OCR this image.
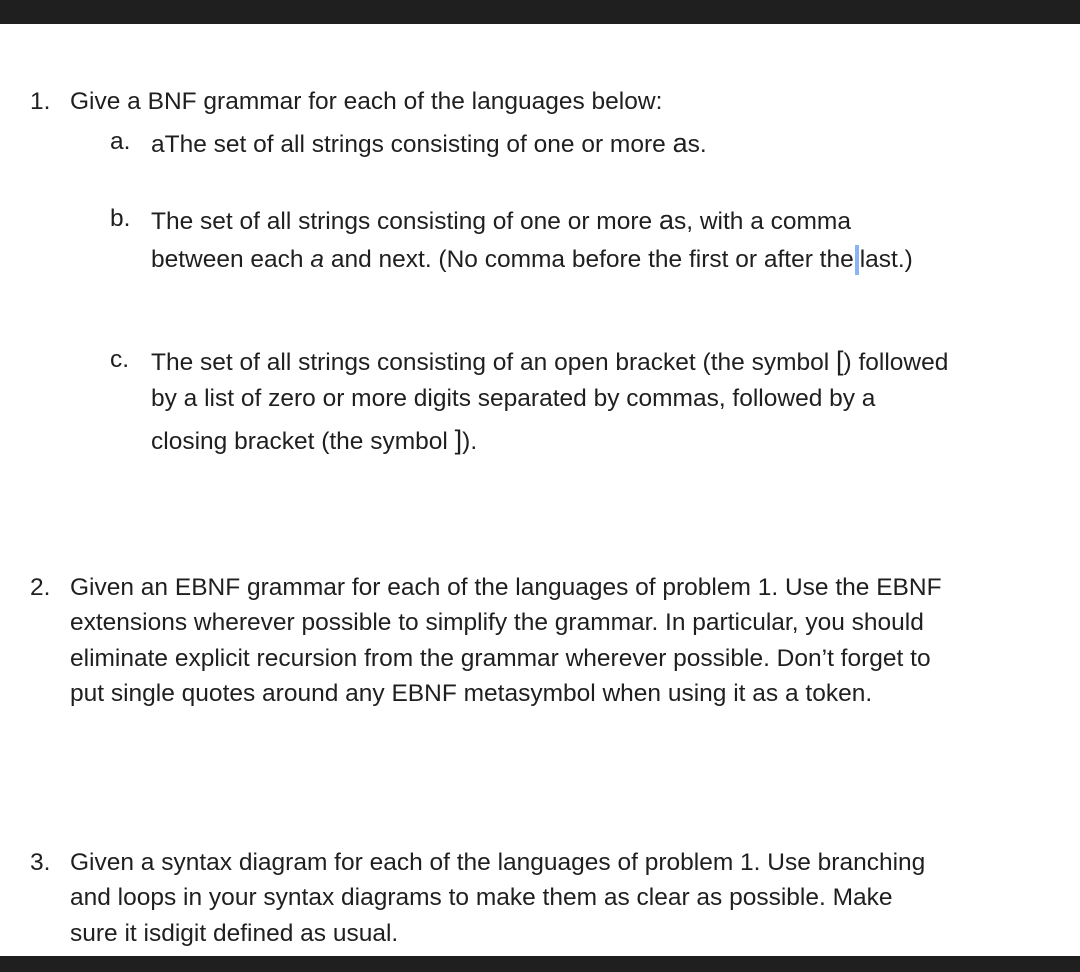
1. Give a BNF grammar for each of the languages below:
a. aThe set of all strings consisting of one or more as.
b. The set of all strings consisting of one or more as, with a comma
between each a and next. (No comma before the first or after the last.)
c. The set of all strings consisting of an open bracket (the symbol [) followed
by a list of zero or more digits separated by commas, followed by a
closing bracket (the symbol ]).
2. Given an EBNF grammar for each of the languages of problem 1. Use the EBNF
extensions wherever possible to simplify the grammar. In particular, you should
eliminate explicit recursion from the grammar wherever possible. Don’t forget to
put single quotes around any EBNF metasymbol when using it as a token.
3. Given a syntax diagram for each of the languages of problem 1. Use branching
and loops in your syntax diagrams to make them as clear as possible. Make
sure it isdigit defined as usual.
